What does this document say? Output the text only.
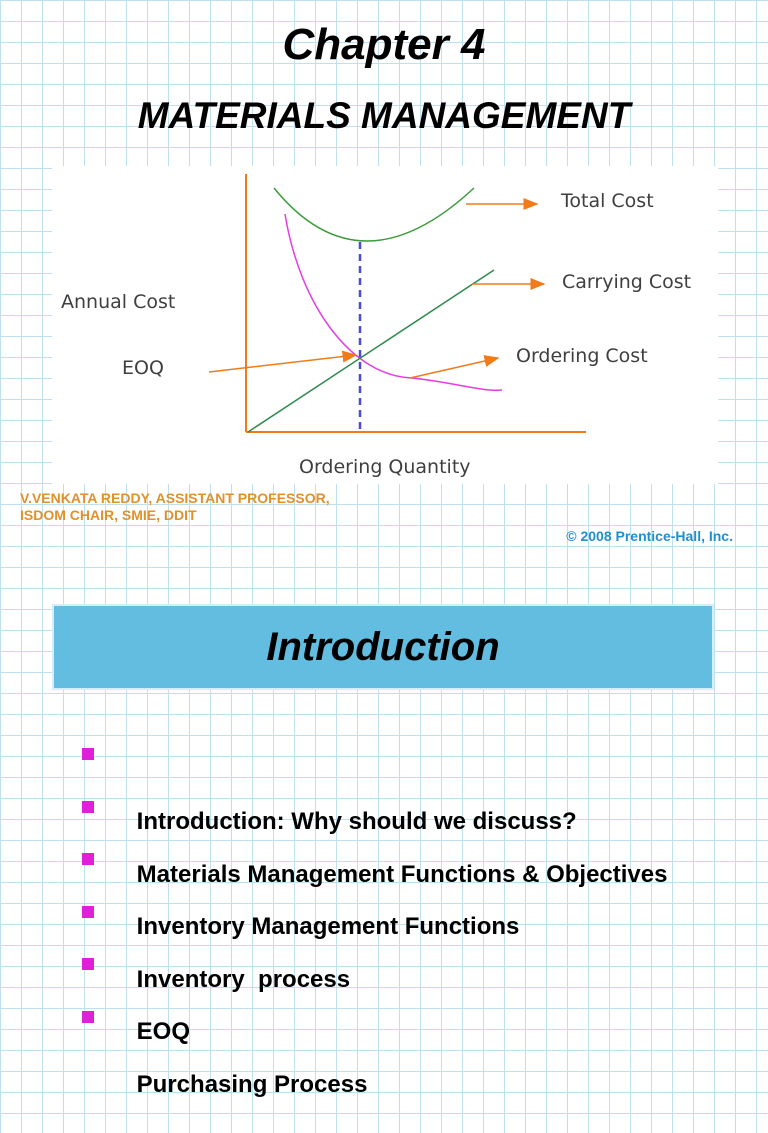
Chapter 4
MATERIALS MANAGEMENT
Total Cost
Carrying Cost
Ordering Cost
Annual Cost
EOQ
Ordering Quantity
V.VENKATA REDDY, ASSISTANT PROFESSOR,
ISDOM CHAIR, SMIE, DDIT
© 2008 Prentice-Hall, Inc.
Introduction

Introduction: Why should we discuss?

Materials Management Functions & Objectives

Inventory Management Functions

Inventory  process

EOQ

Purchasing Process
